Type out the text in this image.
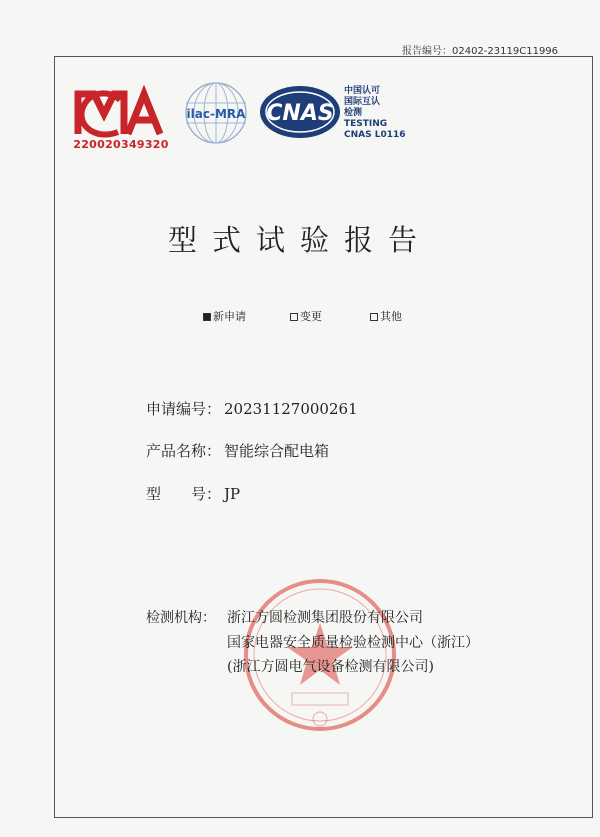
报告编号：02402-23119C11996
220020349320
ilac-MRA CNAS
中国认可
国际互认
检测
TESTING
CNAS L0116
型式试验报告
新申请	变更	其他
申请编号： 20231127000261
产品名称： 智能综合配电箱
型　　号： JP
检测机构： 浙江方圆检测集团股份有限公司
国家电器安全质量检验检测中心（浙江）
(浙江方圆电气设备检测有限公司)
